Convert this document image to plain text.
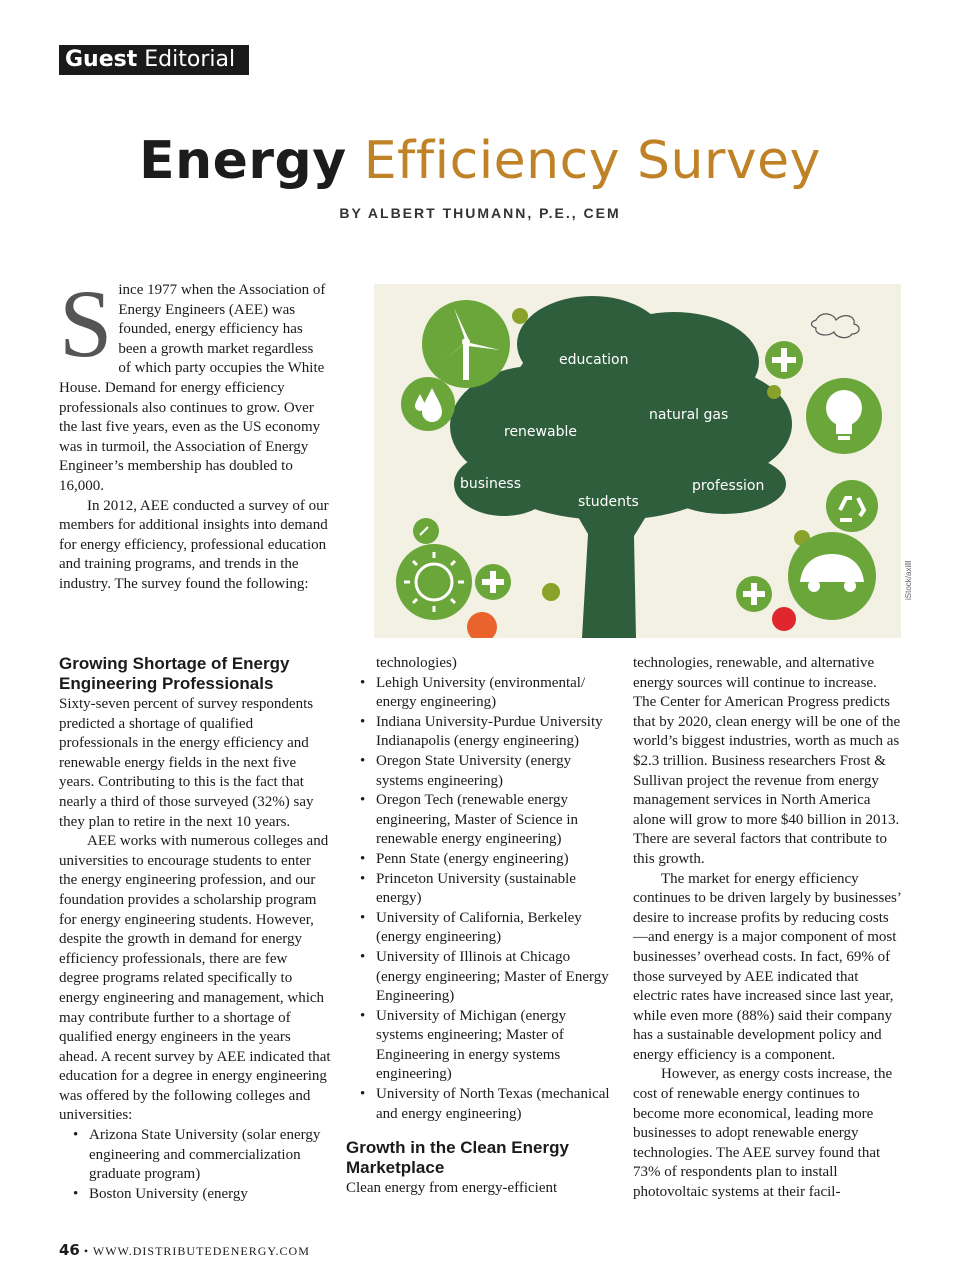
Guest Editorial
Energy Efficiency Survey
BY ALBERT THUMANN, P.E., CEM

Since 1977 when the Association of Energy Engineers (AEE) was founded, energy efficiency has been a growth market regardless of which party occupies the White House. Demand for energy efficiency professionals also continues to grow. Over the last five years, even as the US economy was in turmoil, the Association of Energy Engineer’s membership has doubled to 16,000.

In 2012, AEE conducted a survey of our members for additional insights into demand for energy efficiency, professional education and training programs, and trends in the industry. The survey found the following:

education
natural gas
renewable
business
students
profession
iStock/axilll
Growing Shortage of Energy Engineering Professionals

Sixty-seven percent of survey respondents predicted a shortage of qualified professionals in the energy efficiency and renewable energy fields in the next five years. Contributing to this is the fact that nearly a third of those surveyed (32%) say they plan to retire in the next 10 years.

AEE works with numerous colleges and universities to encourage students to enter the energy engineering profession, and our foundation provides a scholarship program for energy engineering students. However, despite the growth in demand for energy efficiency professionals, there are few degree programs related specifically to energy engineering and management, which may contribute further to a shortage of qualified energy engineers in the years ahead. A recent survey by AEE indicated that education for a degree in energy engineering was offered by the following colleges and universities:

• Arizona State University (solar energy engineering and commercialization graduate program)
• Boston University (energy

technologies)

• Lehigh University (environmental/ energy engineering)
• Indiana University-Purdue University Indianapolis (energy engineering)
• Oregon State University (energy systems engineering)
• Oregon Tech (renewable energy engineering, Master of Science in renewable energy engineering)
• Penn State (energy engineering)
• Princeton University (sustainable energy)
• University of California, Berkeley (energy engineering)
• University of Illinois at Chicago (energy engineering; Master of Energy Engineering)
• University of Michigan (energy systems engineering; Master of Engineering in energy systems engineering)
• University of North Texas (mechanical and energy engineering)
Growth in the Clean Energy Marketplace

Clean energy from energy-efficient

technologies, renewable, and alternative energy sources will continue to increase. The Center for American Progress predicts that by 2020, clean energy will be one of the world’s biggest industries, worth as much as $2.3 trillion. Business researchers Frost & Sullivan project the revenue from energy management services in North America alone will grow to more $40 billion in 2013. There are several factors that contribute to this growth.

The market for energy efficiency continues to be driven largely by businesses’ desire to increase profits by reducing costs—and energy is a major component of most businesses’ overhead costs. In fact, 69% of those surveyed by AEE indicated that electric rates have increased since last year, while even more (88%) said their company has a sustainable development policy and energy efficiency is a component.

However, as energy costs increase, the cost of renewable energy continues to become more economical, leading more businesses to adopt renewable energy technologies. The AEE survey found that 73% of respondents plan to install photovoltaic systems at their facil-

46 • WWW.DISTRIBUTEDENERGY.COM
